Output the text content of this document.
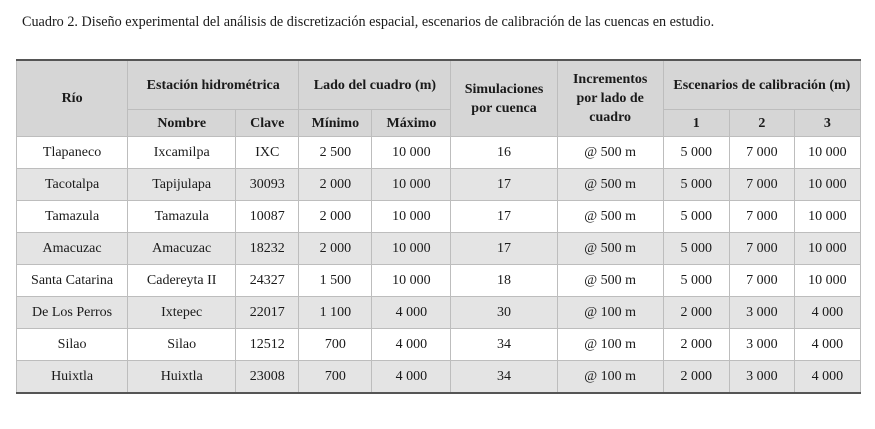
Cuadro 2. Diseño experimental del análisis de discretización espacial, escenarios de calibración de las cuencas en estudio.
Río	Estación hidrométrica		Lado del cuadro (m)		Simulaciones por cuenca	Incrementos por lado de cuadro	Escenarios de calibración (m)		
	Nombre	Clave	Mínimo	Máximo			1	2	3
Tlapaneco	Ixcamilpa	IXC	2 500	10 000	16	@ 500 m	5 000	7 000	10 000
Tacotalpa	Tapijulapa	30093	2 000	10 000	17	@ 500 m	5 000	7 000	10 000
Tamazula	Tamazula	10087	2 000	10 000	17	@ 500 m	5 000	7 000	10 000
Amacuzac	Amacuzac	18232	2 000	10 000	17	@ 500 m	5 000	7 000	10 000
Santa Catarina	Cadereyta II	24327	1 500	10 000	18	@ 500 m	5 000	7 000	10 000
De Los Perros	Ixtepec	22017	1 100	4 000	30	@ 100 m	2 000	3 000	4 000
Silao	Silao	12512	700	4 000	34	@ 100 m	2 000	3 000	4 000
Huixtla	Huixtla	23008	700	4 000	34	@ 100 m	2 000	3 000	4 000
